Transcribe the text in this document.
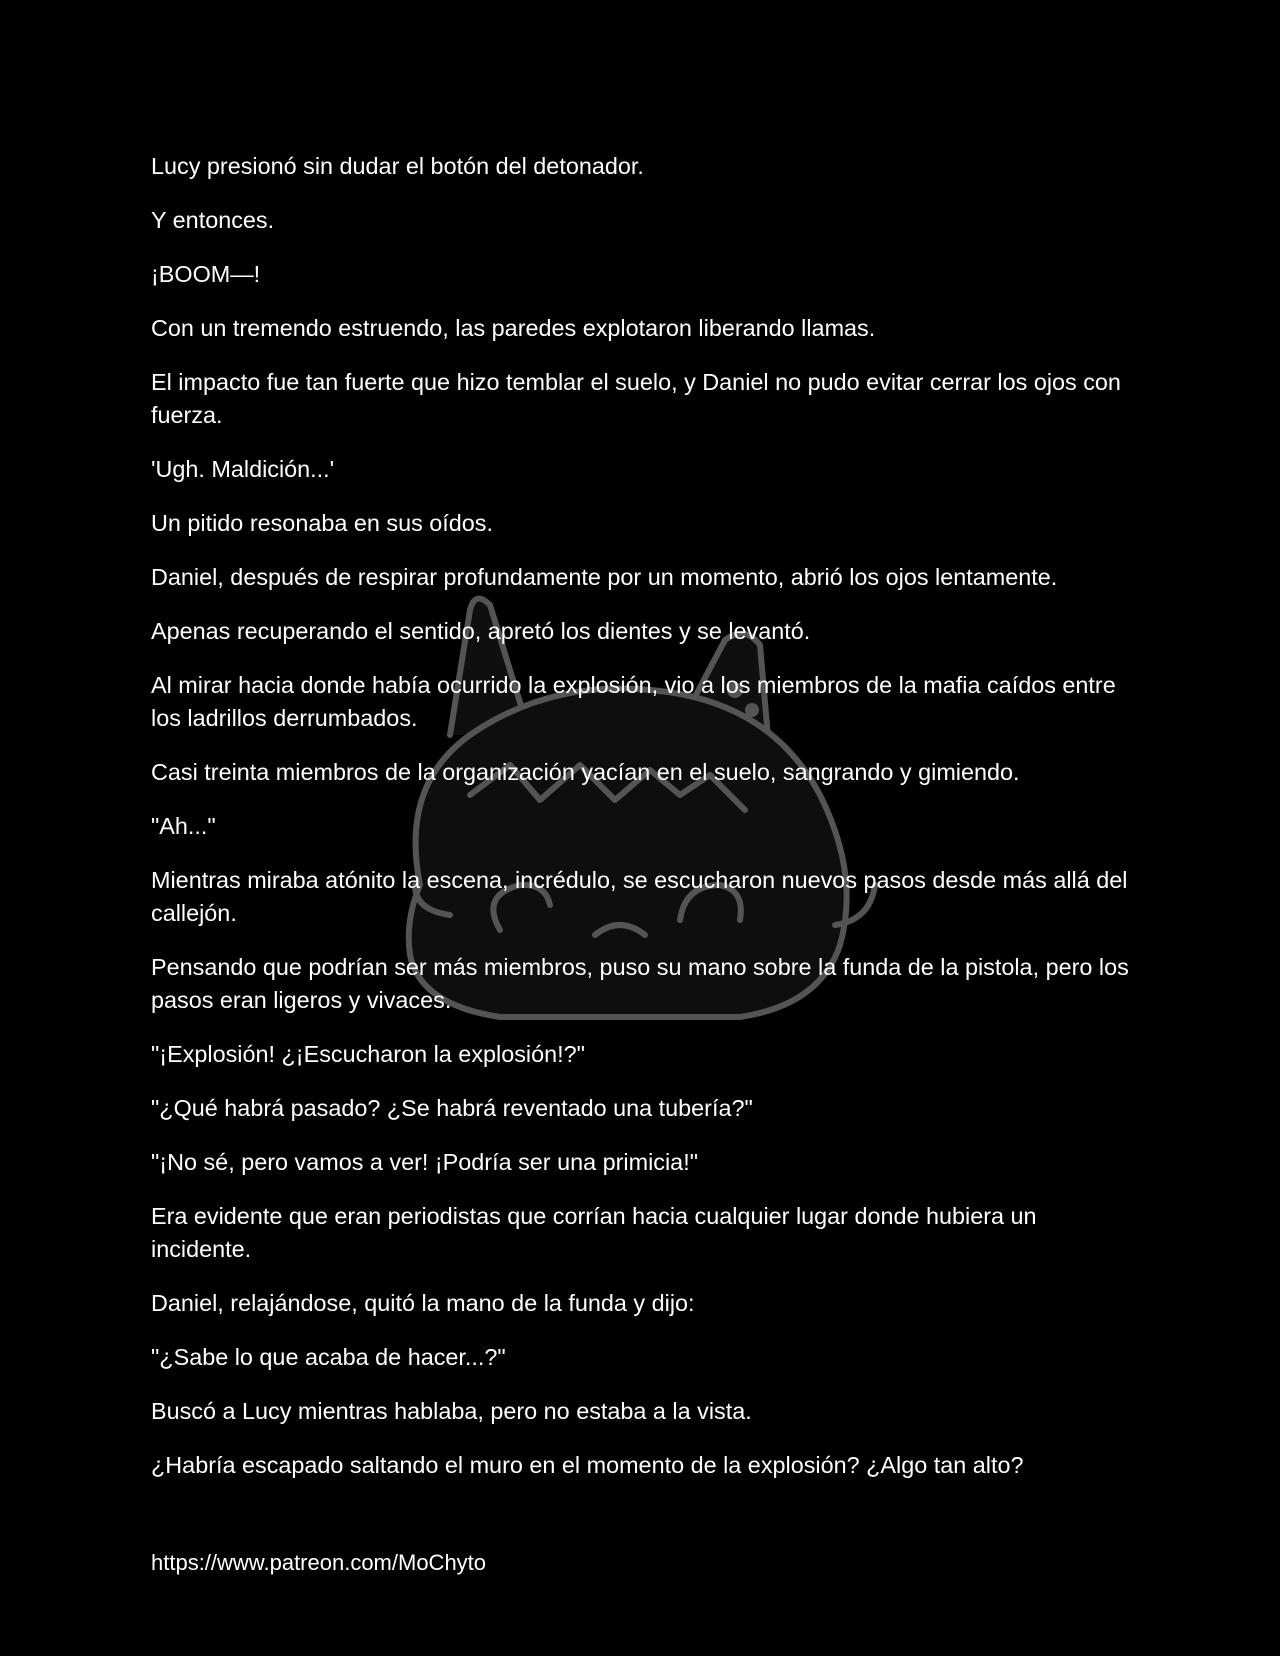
Lucy presionó sin dudar el botón del detonador.

Y entonces.

¡BOOM—!

Con un tremendo estruendo, las paredes explotaron liberando llamas.

El impacto fue tan fuerte que hizo temblar el suelo, y Daniel no pudo evitar cerrar los ojos con fuerza.

'Ugh. Maldición...'

Un pitido resonaba en sus oídos.

Daniel, después de respirar profundamente por un momento, abrió los ojos lentamente.

Apenas recuperando el sentido, apretó los dientes y se levantó.

Al mirar hacia donde había ocurrido la explosión, vio a los miembros de la mafia caídos entre los ladrillos derrumbados.

Casi treinta miembros de la organización yacían en el suelo, sangrando y gimiendo.

"Ah..."

Mientras miraba atónito la escena, incrédulo, se escucharon nuevos pasos desde más allá del callejón.

Pensando que podrían ser más miembros, puso su mano sobre la funda de la pistola, pero los pasos eran ligeros y vivaces.

"¡Explosión! ¿¡Escucharon la explosión!?"

"¿Qué habrá pasado? ¿Se habrá reventado una tubería?"

"¡No sé, pero vamos a ver! ¡Podría ser una primicia!"

Era evidente que eran periodistas que corrían hacia cualquier lugar donde hubiera un incidente.

Daniel, relajándose, quitó la mano de la funda y dijo:

"¿Sabe lo que acaba de hacer...?"

Buscó a Lucy mientras hablaba, pero no estaba a la vista.

¿Habría escapado saltando el muro en el momento de la explosión? ¿Algo tan alto?

https://www.patreon.com/MoChyto
